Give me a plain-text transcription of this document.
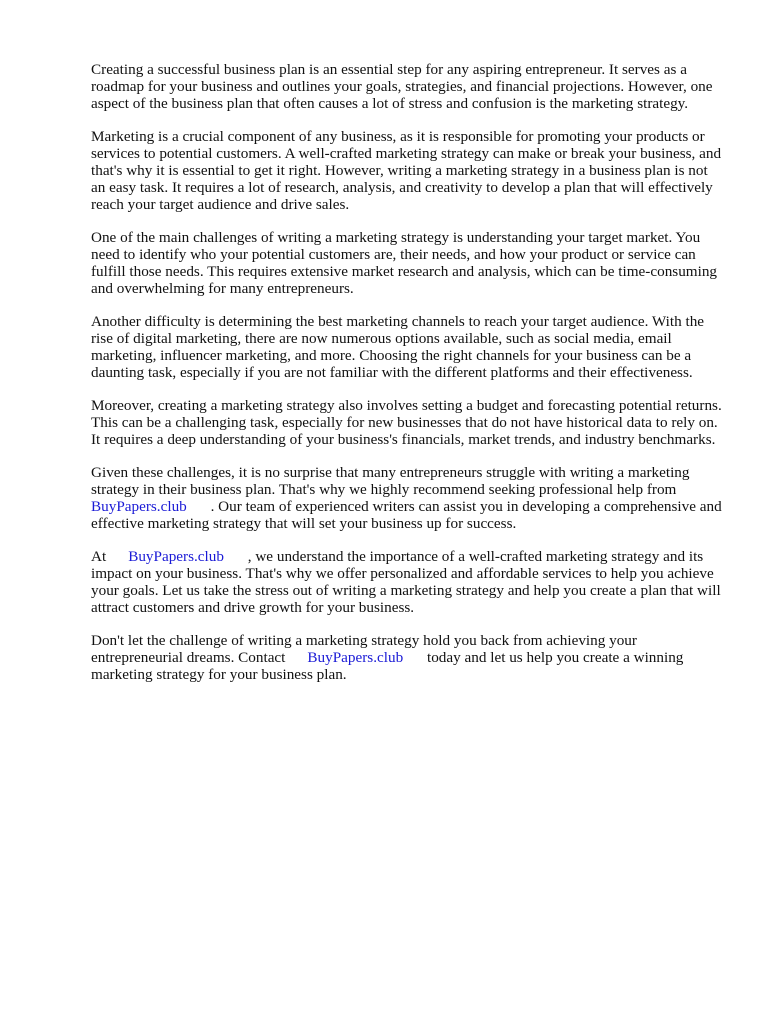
Creating a successful business plan is an essential step for any aspiring entrepreneur. It serves as a roadmap for your business and outlines your goals, strategies, and financial projections. However, one aspect of the business plan that often causes a lot of stress and confusion is the marketing strategy.

Marketing is a crucial component of any business, as it is responsible for promoting your products or services to potential customers. A well-crafted marketing strategy can make or break your business, and that's why it is essential to get it right. However, writing a marketing strategy in a business plan is not an easy task. It requires a lot of research, analysis, and creativity to develop a plan that will effectively reach your target audience and drive sales.

One of the main challenges of writing a marketing strategy is understanding your target market. You need to identify who your potential customers are, their needs, and how your product or service can fulfill those needs. This requires extensive market research and analysis, which can be time-consuming and overwhelming for many entrepreneurs.

Another difficulty is determining the best marketing channels to reach your target audience. With the rise of digital marketing, there are now numerous options available, such as social media, email marketing, influencer marketing, and more. Choosing the right channels for your business can be a daunting task, especially if you are not familiar with the different platforms and their effectiveness.

Moreover, creating a marketing strategy also involves setting a budget and forecasting potential returns. This can be a challenging task, especially for new businesses that do not have historical data to rely on. It requires a deep understanding of your business's financials, market trends, and industry benchmarks.

Given these challenges, it is no surprise that many entrepreneurs struggle with writing a marketing strategy in their business plan. That's why we highly recommend seeking professional help from BuyPapers.club . Our team of experienced writers can assist you in developing a comprehensive and effective marketing strategy that will set your business up for success.

At BuyPapers.club , we understand the importance of a well-crafted marketing strategy and its impact on your business. That's why we offer personalized and affordable services to help you achieve your goals. Let us take the stress out of writing a marketing strategy and help you create a plan that will attract customers and drive growth for your business.

Don't let the challenge of writing a marketing strategy hold you back from achieving your entrepreneurial dreams. Contact BuyPapers.club today and let us help you create a winning marketing strategy for your business plan.
